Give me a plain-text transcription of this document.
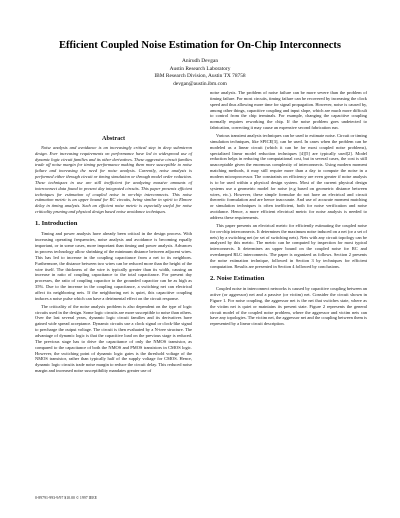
Efficient Coupled Noise Estimation for On-Chip Interconnects
Anirudh Devgan
Austin Research Laboratory
IBM Research Division, Austin TX 78758
devgan@austin.ibm.com
Abstract

Noise analysis and avoidance is an increasingly critical step in deep submicron design. Ever increasing requirements on performance have led to widespread use of dynamic logic circuit families and its other derivatives. These aggressive circuit families trade off noise margin for timing performance making them more susceptible to noise failure and increasing the need for noise analysis. Currently, noise analysis is performed either through circuit or timing simulation or through model order reduction. These techniques in use are still inefficient for analyzing massive amounts of interconnect data found in present day integrated circuits. This paper presents efficient techniques for estimation of coupled noise in on-chip interconnects. This noise estimation metric is an upper bound for RC circuits, being similar in spirit to Elmore delay in timing analysis. Such an efficient noise metric is especially useful for noise criticality pruning and physical design based noise avoidance techniques.

1. Introduction

Timing and power analysis have already been critical in the design process. With increasing operating frequencies, noise analysis and avoidance is becoming equally important, or in some cases, more important than timing and power analysis. Advances in process technology allow shrinking of the minimum distance between adjacent wires. This has led to increase in the coupling capacitance from a net to its neighbors. Furthermore, the distance between two wires can be reduced more than the height of the wire itself. The thickness of the wire is typically greater than its width, causing an increase in ratio of coupling capacitance to the total capacitance. For present day processes, the ratio of coupling capacitor to the grounded capacitor can be as high as 35%. Due to the increase in the coupling capacitance, a switching net can electrical affect its neighboring nets. If the neighboring net is quiet, this capacitive coupling induces a noise pulse which can have a detrimental effect on the circuit response.

The criticality of the noise analysis problem is also dependent on the type of logic circuits used in the design. Some logic circuits are more susceptible to noise than others. Over the last several years, dynamic logic circuit families and its derivatives have gained wide spread acceptance. Dynamic circuits use a clock signal or clock-like signal to precharge the output voltage. The circuit is then evaluated by a N-tree structure. The advantage of dynamic logic is that the capacitive load on the previous stage is reduced. The previous stage has to drive the capacitance of only the NMOS transistor, as compared to the capacitance of both the NMOS and PMOS transistors in CMOS logic. However, the switching point of dynamic logic gates is the threshold voltage of the NMOS transistor, rather than typically half of the supply voltage for CMOS. Hence, dynamic logic circuits trade noise margin to reduce the circuit delay. This reduced noise margin and increased noise susceptibility mandates greater use of

noise analysis. The problem of noise failure can be more severe than the problem of timing failure. For most circuits, timing failure can be recovered by increasing the clock speed and thus allowing more time for signal propagation. However, noise is caused by, among other things, capacitive coupling and input slope, which are much more difficult to control from the chip terminals. For example, changing the capacitive coupling normally requires reworking the chip. If the noise problem goes undetected to fabrication, correcting it may cause an expensive second fabrication run.

Various transient analysis techniques can be used to estimate noise. Circuit or timing simulation techniques, like SPICE[3], can be used. In cases when the problem can be modeled as a linear circuit (which it can be for most coupled noise problems), specialized linear model reduction techniques [4][5] are typically used[2]. Model reduction helps in reducing the computational cost, but in several cases, the cost is still unacceptable given the enormous complexity of interconnects. Using modern moment matching methods, it may still require more than a day to compute the noise in a modern microprocessor. The constraints on efficiency are even greater if noise analysis is to be used within a physical design system. Most of the current physical design systems use a geometric model for noise (e.g based on geometric distance between wires, etc.). However, these simple formulae do not have an electrical and circuit theoretic formulation and are hence inaccurate. And use of accurate moment matching or simulation techniques is often inefficient, both for noise verification and noise avoidance. Hence, a more efficient electrical metric for noise analysis is needed to address these requirements.

This paper presents an electrical metric for efficiently estimating the coupled noise for on-chip interconnects. It determines the maximum noise induced on a net (or a set of nets) by a switching net (or set of switching nets). Nets with any circuit topology can be analyzed by this metric. The metric can be computed by inspection for most typical interconnects. It determines an upper bound on the coupled noise for RC and overdamped RLC interconnects. The paper is organized as follows. Section 2 presents the noise estimation technique, followed in Section 3 by techniques for efficient computation. Results are presented in Section 4 followed by conclusions.

2. Noise Estimation

Coupled noise in interconnect networks is caused by capacitive coupling between an active (or aggressor) net and a passive (or victim) net. Consider the circuit shown in Figure 1. For noise coupling, the aggressor net is the net that switches state, where as the victim net is quiet or maintains its present state. Figure 2 represents the general circuit model of the coupled noise problem, where the aggressor and victim nets can have any topologies. The victim net, the aggressor net and the coupling between them is represented by a linear circuit description.

0-89791-993-9/97 $10.00 © 1997 IEEE
